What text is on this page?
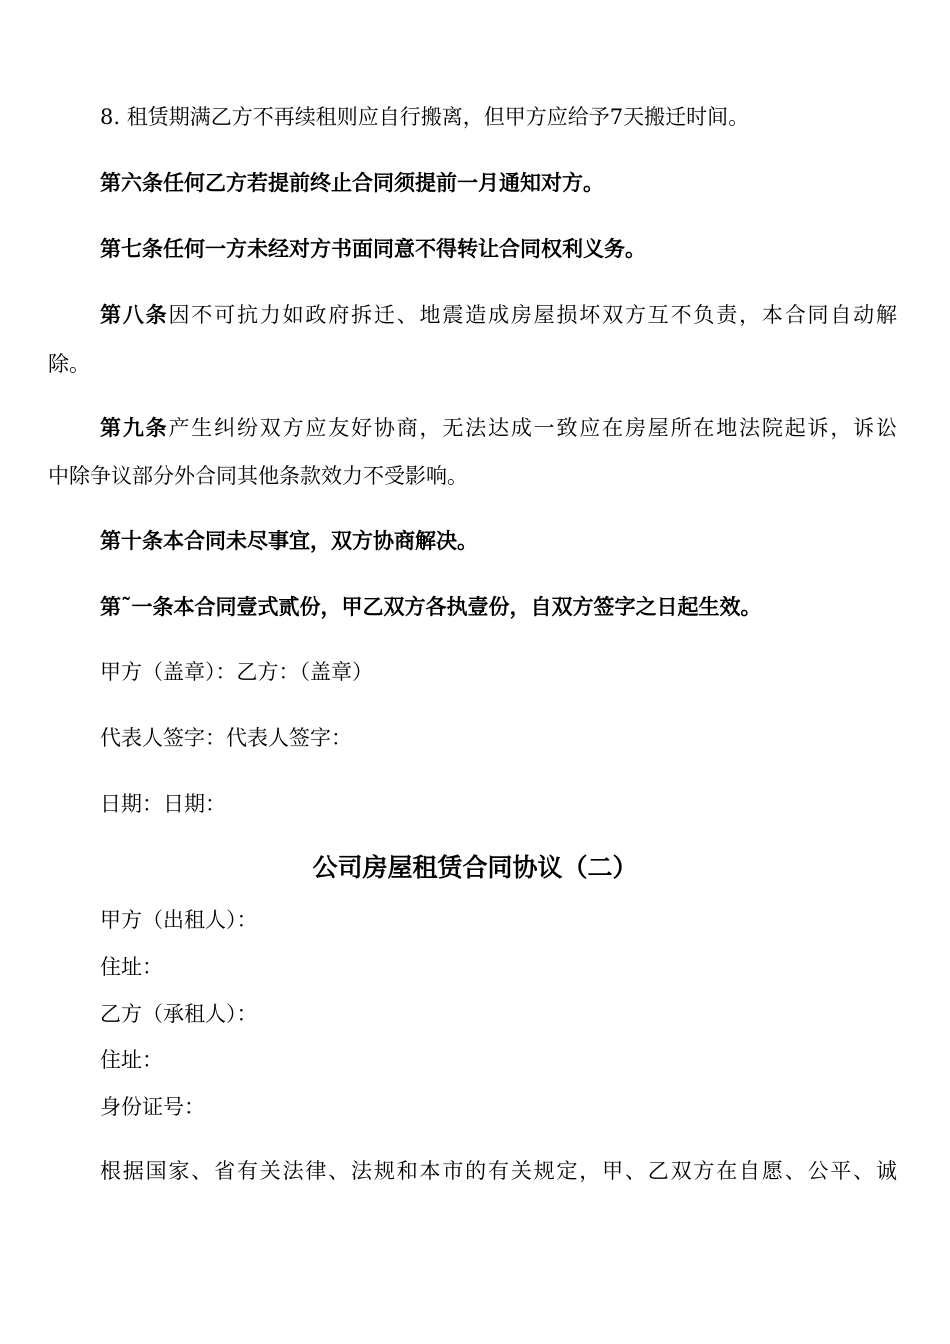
8. 租赁期满乙方不再续租则应自行搬离，但甲方应给予7天搬迁时间。
第六条任何乙方若提前终止合同须提前一月通知对方。
第七条任何一方未经对方书面同意不得转让合同权利义务。
第八条因不可抗力如政府拆迁、地震造成房屋损坏双方互不负责，本合同自动解
除。
第九条产生纠纷双方应友好协商，无法达成一致应在房屋所在地法院起诉，诉讼
中除争议部分外合同其他条款效力不受影响。
第十条本合同未尽事宜，双方协商解决。
第˜一条本合同壹式贰份，甲乙双方各执壹份，自双方签字之日起生效。
甲方（盖章）：乙方：（盖章）
代表人签字：代表人签字：
日期：日期：
公司房屋租赁合同协议（二）
甲方（出租人）：
住址：
乙方（承租人）：
住址：
身份证号：
根据国家、省有关法律、法规和本市的有关规定，甲、乙双方在自愿、公平、诚
